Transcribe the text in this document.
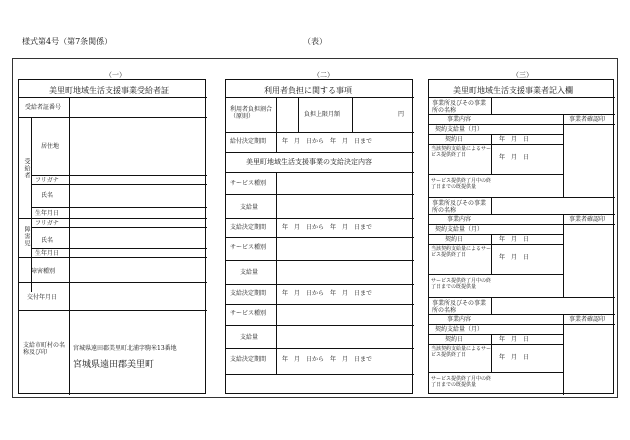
様式第4号（第7条関係）	（表）
（一）
美里町地域生活支援事業受給者証
受給者証番号
受給者
居住地
フリガナ
氏名
生年月日
障害児
フリガナ
氏名
生年月日
障害種別
交付年月日
支給市町村の名称及び印
宮城県遠田郡美里町北浦字駒米13番地
宮城県遠田郡美里町
（二）
利用者負担に関する事項
利用者負担割合（原則）	負担上限月額	円
給付決定期間	年　月　日から　年　月　日まで
美里町地域生活支援事業の支給決定内容
サービス種別
支給量
支給決定期間	年　月　日から　年　月　日まで
サービス種別
支給量
支給決定期間	年　月　日から　年　月　日まで
サービス種別
支給量
支給決定期間	年　月　日から　年　月　日まで
（三）
美里町地域生活支援事業者記入欄
事業所及びその事業所の名称
事業内容	事業者確認印
契約支給量（月）
契約日	年　月　日
当該契約支給量によるサービス提供終了日	年　月　日
サービス提供終了月中の終了日までの既提供量
事業所及びその事業所の名称
事業内容	事業者確認印
契約支給量（月）
契約日	年　月　日
当該契約支給量によるサービス提供終了日	年　月　日
サービス提供終了月中の終了日までの既提供量
事業所及びその事業所の名称
事業内容	事業者確認印
契約支給量（月）
契約日	年　月　日
当該契約支給量によるサービス提供終了日	年　月　日
サービス提供終了月中の終了日までの既提供量
